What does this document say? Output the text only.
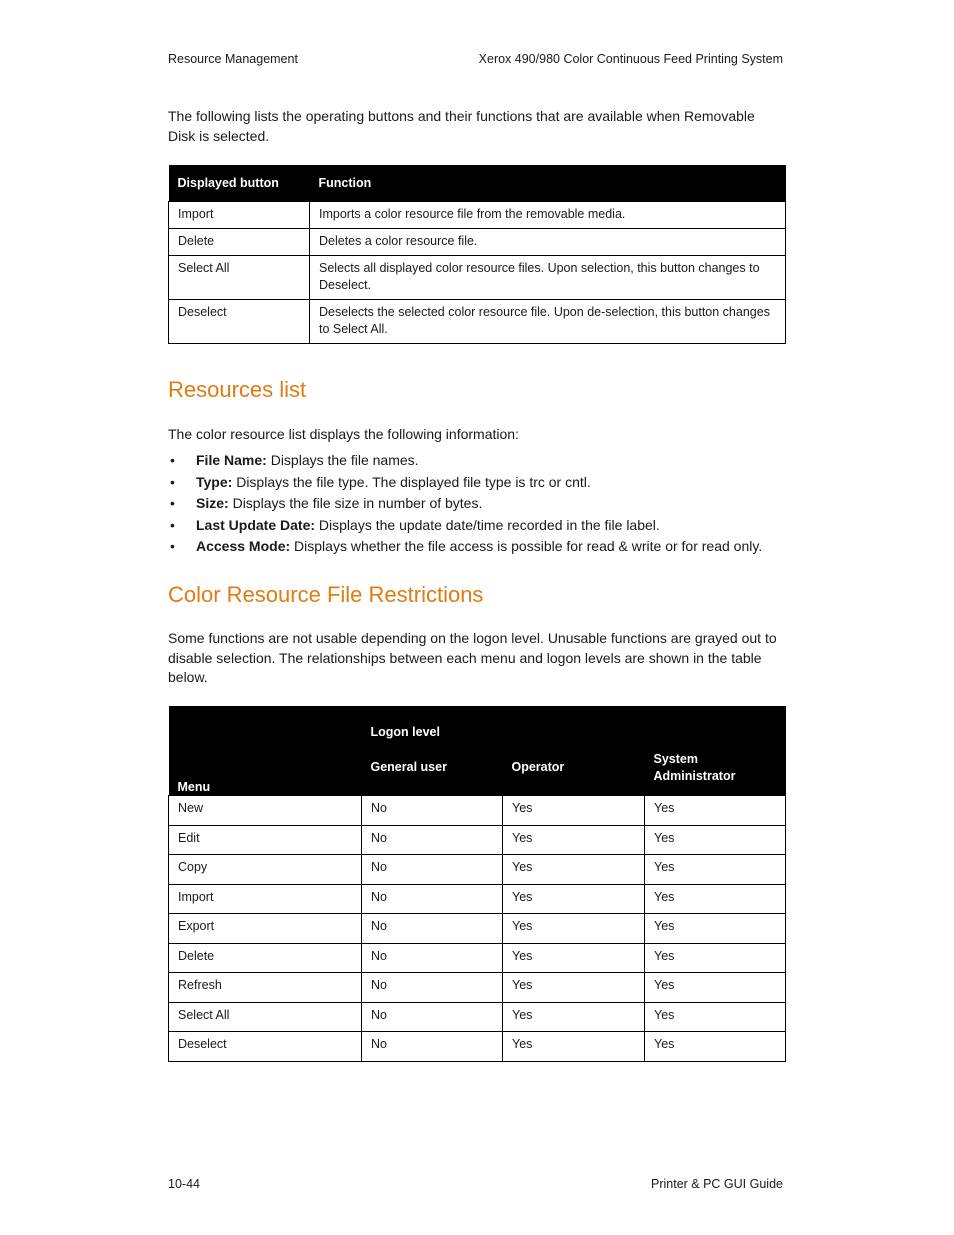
Resource Management	Xerox 490/980 Color Continuous Feed Printing System
The following lists the operating buttons and their functions that are available when Removable Disk is selected.
Displayed button	Function
Import	Imports a color resource file from the removable media.
Delete	Deletes a color resource file.
Select All	Selects all displayed color resource files. Upon selection, this button changes to Deselect.
Deselect	Deselects the selected color resource file. Upon de-selection, this button changes to Select All.
Resources list
The color resource list displays the following information:
• File Name: Displays the file names.
• Type: Displays the file type. The displayed file type is trc or cntl.
• Size: Displays the file size in number of bytes.
• Last Update Date: Displays the update date/time recorded in the file label.
• Access Mode: Displays whether the file access is possible for read & write or for read only.
Color Resource File Restrictions
Some functions are not usable depending on the logon level. Unusable functions are grayed out to disable selection. The relationships between each menu and logon levels are shown in the table below.
Menu	Logon level		
	General user	Operator	System Administrator
New	No	Yes	Yes
Edit	No	Yes	Yes
Copy	No	Yes	Yes
Import	No	Yes	Yes
Export	No	Yes	Yes
Delete	No	Yes	Yes
Refresh	No	Yes	Yes
Select All	No	Yes	Yes
Deselect	No	Yes	Yes
10-44	Printer & PC GUI Guide
